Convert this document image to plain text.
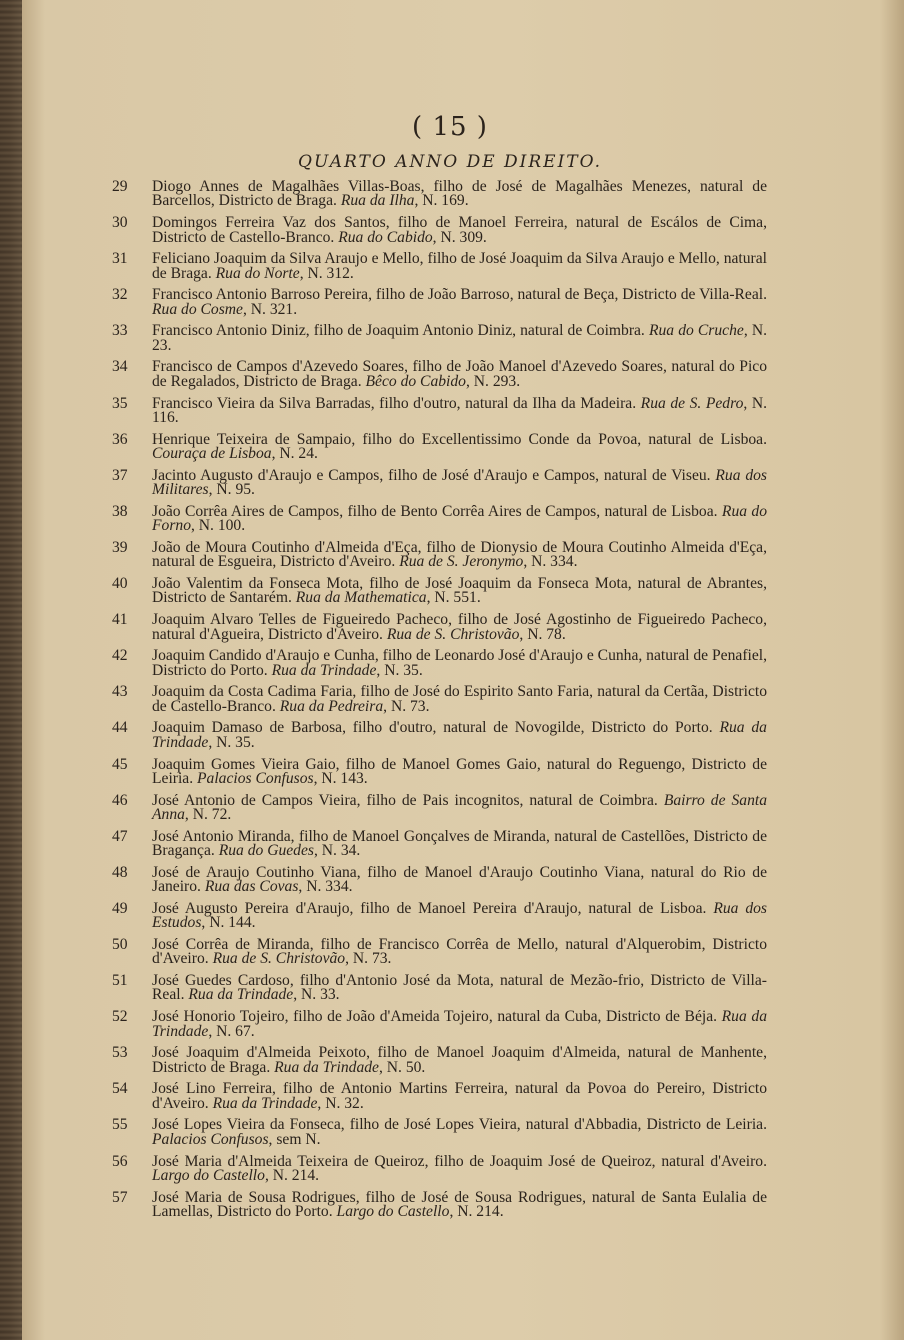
( 15 )
QUARTO ANNO DE DIREITO.
29	Diogo Annes de Magalhães Villas-Boas, filho de José de Magalhães Menezes, natural de Barcellos, Districto de Braga. Rua da Ilha, N. 169.
30	Domingos Ferreira Vaz dos Santos, filho de Manoel Ferreira, natural de Escálos de Cima, Districto de Castello-Branco. Rua do Cabido, N. 309.
31	Feliciano Joaquim da Silva Araujo e Mello, filho de José Joaquim da Silva Araujo e Mello, natural de Braga. Rua do Norte, N. 312.
32	Francisco Antonio Barroso Pereira, filho de João Barroso, natural de Beça, Districto de Villa-Real. Rua do Cosme, N. 321.
33	Francisco Antonio Diniz, filho de Joaquim Antonio Diniz, natural de Coimbra. Rua do Cruche, N. 23.
34	Francisco de Campos d'Azevedo Soares, filho de João Manoel d'Azevedo Soares, natural do Pico de Regalados, Districto de Braga. Bêco do Cabido, N. 293.
35	Francisco Vieira da Silva Barradas, filho d'outro, natural da Ilha da Madeira. Rua de S. Pedro, N. 116.
36	Henrique Teixeira de Sampaio, filho do Excellentissimo Conde da Povoa, natural de Lisboa. Couraça de Lisboa, N. 24.
37	Jacinto Augusto d'Araujo e Campos, filho de José d'Araujo e Campos, natural de Viseu. Rua dos Militares, N. 95.
38	João Corrêa Aires de Campos, filho de Bento Corrêa Aires de Campos, natural de Lisboa. Rua do Forno, N. 100.
39	João de Moura Coutinho d'Almeida d'Eça, filho de Dionysio de Moura Coutinho Almeida d'Eça, natural de Esgueira, Districto d'Aveiro. Rua de S. Jeronymo, N. 334.
40	João Valentim da Fonseca Mota, filho de José Joaquim da Fonseca Mota, natural de Abrantes, Districto de Santarém. Rua da Mathematica, N. 551.
41	Joaquim Alvaro Telles de Figueiredo Pacheco, filho de José Agostinho de Figueiredo Pacheco, natural d'Agueira, Districto d'Aveiro. Rua de S. Christovão, N. 78.
42	Joaquim Candido d'Araujo e Cunha, filho de Leonardo José d'Araujo e Cunha, natural de Penafiel, Districto do Porto. Rua da Trindade, N. 35.
43	Joaquim da Costa Cadima Faria, filho de José do Espirito Santo Faria, natural da Certãa, Districto de Castello-Branco. Rua da Pedreira, N. 73.
44	Joaquim Damaso de Barbosa, filho d'outro, natural de Novogilde, Districto do Porto. Rua da Trindade, N. 35.
45	Joaquim Gomes Vieira Gaio, filho de Manoel Gomes Gaio, natural do Reguengo, Districto de Leiria. Palacios Confusos, N. 143.
46	José Antonio de Campos Vieira, filho de Pais incognitos, natural de Coimbra. Bairro de Santa Anna, N. 72.
47	José Antonio Miranda, filho de Manoel Gonçalves de Miranda, natural de Castellões, Districto de Bragança. Rua do Guedes, N. 34.
48	José de Araujo Coutinho Viana, filho de Manoel d'Araujo Coutinho Viana, natural do Rio de Janeiro. Rua das Covas, N. 334.
49	José Augusto Pereira d'Araujo, filho de Manoel Pereira d'Araujo, natural de Lisboa. Rua dos Estudos, N. 144.
50	José Corrêa de Miranda, filho de Francisco Corrêa de Mello, natural d'Alquerobim, Districto d'Aveiro. Rua de S. Christovão, N. 73.
51	José Guedes Cardoso, filho d'Antonio José da Mota, natural de Mezão-frio, Districto de Villa-Real. Rua da Trindade, N. 33.
52	José Honorio Tojeiro, filho de João d'Ameida Tojeiro, natural da Cuba, Districto de Béja. Rua da Trindade, N. 67.
53	José Joaquim d'Almeida Peixoto, filho de Manoel Joaquim d'Almeida, natural de Manhente, Districto de Braga. Rua da Trindade, N. 50.
54	José Lino Ferreira, filho de Antonio Martins Ferreira, natural da Povoa do Pereiro, Districto d'Aveiro. Rua da Trindade, N. 32.
55	José Lopes Vieira da Fonseca, filho de José Lopes Vieira, natural d'Abbadia, Districto de Leiria. Palacios Confusos, sem N.
56	José Maria d'Almeida Teixeira de Queiroz, filho de Joaquim José de Queiroz, natural d'Aveiro. Largo do Castello, N. 214.
57	José Maria de Sousa Rodrigues, filho de José de Sousa Rodrigues, natural de Santa Eulalia de Lamellas, Districto do Porto. Largo do Castello, N. 214.
